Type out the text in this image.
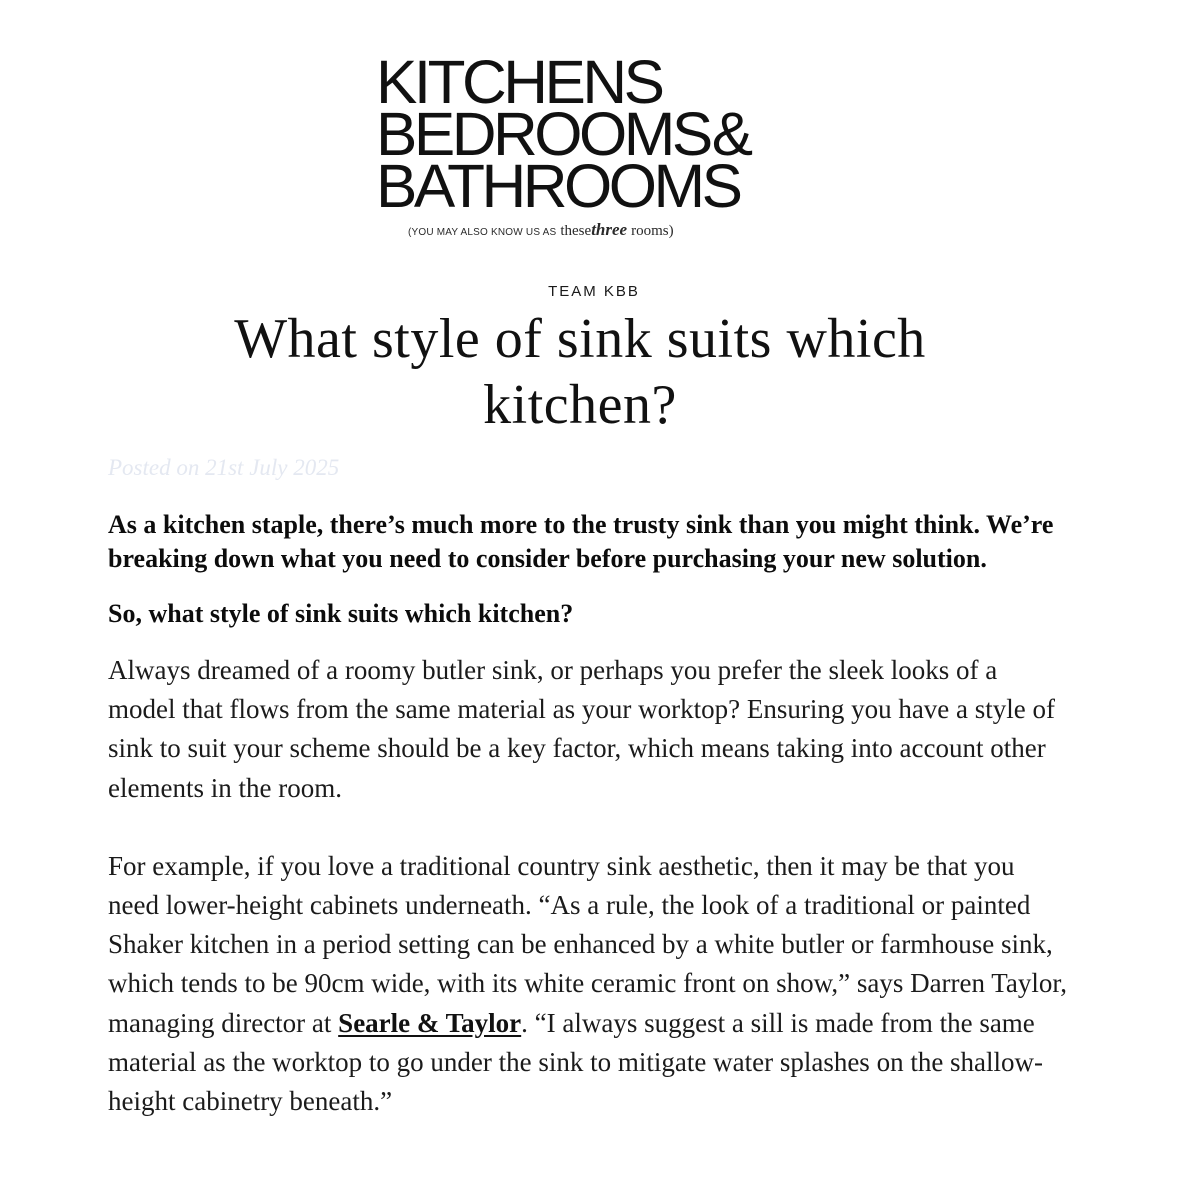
KITCHENS
BEDROOMS&
BATHROOMS
(YOU MAY ALSO KNOW US AS thesethree rooms)
TEAM KBB
What style of sink suits which kitchen?
Posted on 21st July 2025

As a kitchen staple, there’s much more to the trusty sink than you might think. We’re breaking down what you need to consider before purchasing your new solution.

So, what style of sink suits which kitchen?

Always dreamed of a roomy butler sink, or perhaps you prefer the sleek looks of a model that flows from the same material as your worktop? Ensuring you have a style of sink to suit your scheme should be a key factor, which means taking into account other elements in the room.

For example, if you love a traditional country sink aesthetic, then it may be that you need lower-height cabinets underneath. “As a rule, the look of a traditional or painted Shaker kitchen in a period setting can be enhanced by a white butler or farmhouse sink, which tends to be 90cm wide, with its white ceramic front on show,” says Darren Taylor, managing director at Searle & Taylor. “I always suggest a sill is made from the same material as the worktop to go under the sink to mitigate water splashes on the shallow-height cabinetry beneath.”
